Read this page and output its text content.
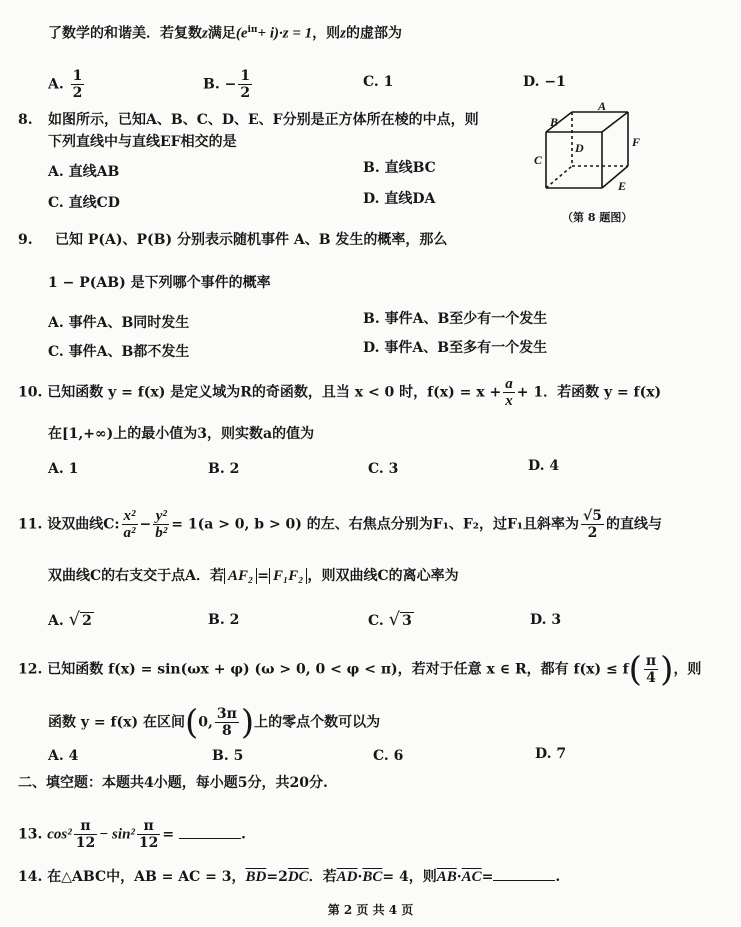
了数学的和谐美．若复数z满足$(e^{i\pi}+ i)\cdot z = 1$，则z的虚部为
A. $\frac{1}{2}$	B. − $\frac{1}{2}$	C. 1	D. −1
8. 如图所示，已知A、B、C、D、E、F分别是正方体所在棱的中点，则
下列直线中与直线EF相交的是
A. 直线AB	B. 直线BC
C. 直线CD	D. 直线DA
A
B
C
D
E
F
（第 8 题图）
9. 已知 P(A)、P(B) 分别表示随机事件 A、B 发生的概率，那么
1 − P(AB) 是下列哪个事件的概率
A. 事件A、B同时发生	B. 事件A、B至少有一个发生
C. 事件A、B都不发生	D. 事件A、B至多有一个发生
10. 已知函数 y = f(x) 是定义域为R的奇函数，且当 x < 0 时，$f(x) = x + \frac{a}{x} + 1$．若函数 y = f(x)
在[1,+∞)上的最小值为3，则实数a的值为
A. 1	B. 2	C. 3	D. 4
11. 设双曲线C: $\frac{\text{x²}}{\text{a²}} - \frac{\text{y²}}{\text{b²}} = 1(a > 0$, b > 0) 的左、右焦点分别为F₁、F₂，过F₁且斜率为 $\frac{√5}{2}$ 的直线与
双曲线C的右支交于点A．若 AF₂ = F₁F₂ ，则双曲线C的离心率为
A. √ 2	B. 2	C. √ 3	D. 3
12. 已知函数 f(x) = sin(ωx + φ) (ω > 0, 0 < φ < π)，若对于任意 x ∈ R，都有 $f(x) \le f( \frac{\pi}{4}$ )，则
函数 y = f(x) 在区间(0, $\frac{3\pi}{8}$ )上的零点个数可以为
A. 4	B. 5	C. 6	D. 7
二、填空题：本题共4小题，每小题5分，共20分.
13. $\cos^2 \frac{\pi}{12} - \sin^2 \frac{\pi}{12}$ =	.
14. 在△ABC中，AB = AC = 3，$\overline{BD}=2\overline{DC}$．若$\overline{AD}\cdot\overline{BC}= 4$，则$\overline{AB}\cdot\overline{AC}=$	.
第 2 页 共 4 页
